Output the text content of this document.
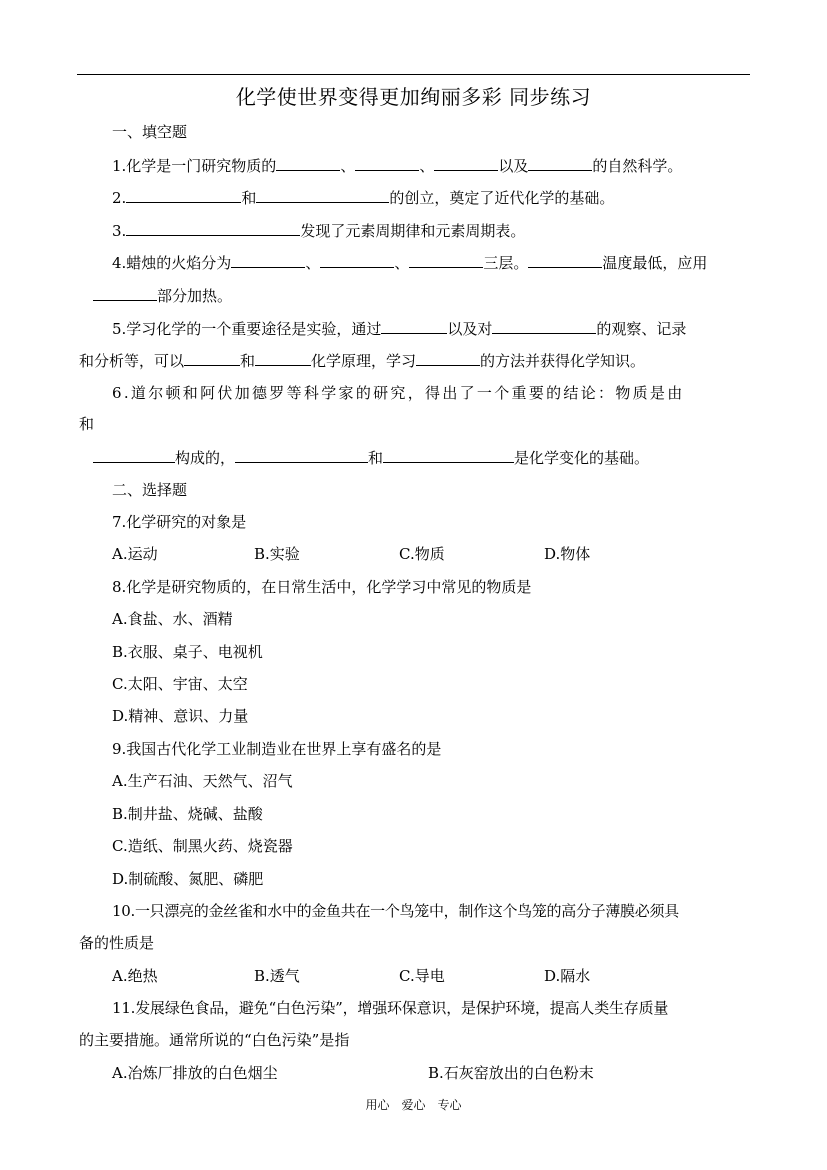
化学使世界变得更加绚丽多彩 同步练习
一、填空题
1.化学是一门研究物质的	、	、	以及	的自然科学。
2.	和	的创立，奠定了近代化学的基础。
3.	发现了元素周期律和元素周期表。
4.蜡烛的火焰分为	、	、	三层。	温度最低，应用
部分加热。
5.学习化学的一个重要途径是实验，通过	以及对	的观察、记录
和分析等，可以	和	化学原理，学习	的方法并获得化学知识。
6.道尔顿和阿伏加德罗等科学家的研究，得出了一个重要的结论：物质是由
和
构成的，	和	是化学变化的基础。
二、选择题
7.化学研究的对象是
A.运动	B.实验	C.物质	D.物体
8.化学是研究物质的，在日常生活中，化学学习中常见的物质是
A.食盐、水、酒精
B.衣服、桌子、电视机
C.太阳、宇宙、太空
D.精神、意识、力量
9.我国古代化学工业制造业在世界上享有盛名的是
A.生产石油、天然气、沼气
B.制井盐、烧碱、盐酸
C.造纸、制黑火药、烧瓷器
D.制硫酸、氮肥、磷肥
10.一只漂亮的金丝雀和水中的金鱼共在一个鸟笼中，制作这个鸟笼的高分子薄膜必须具
备的性质是
A.绝热	B.透气	C.导电	D.隔水
11.发展绿色食品，避免“白色污染”，增强环保意识，是保护环境，提高人类生存质量
的主要措施。通常所说的“白色污染”是指
A.冶炼厂排放的白色烟尘	B.石灰窑放出的白色粉末
用心 爱心 专心
